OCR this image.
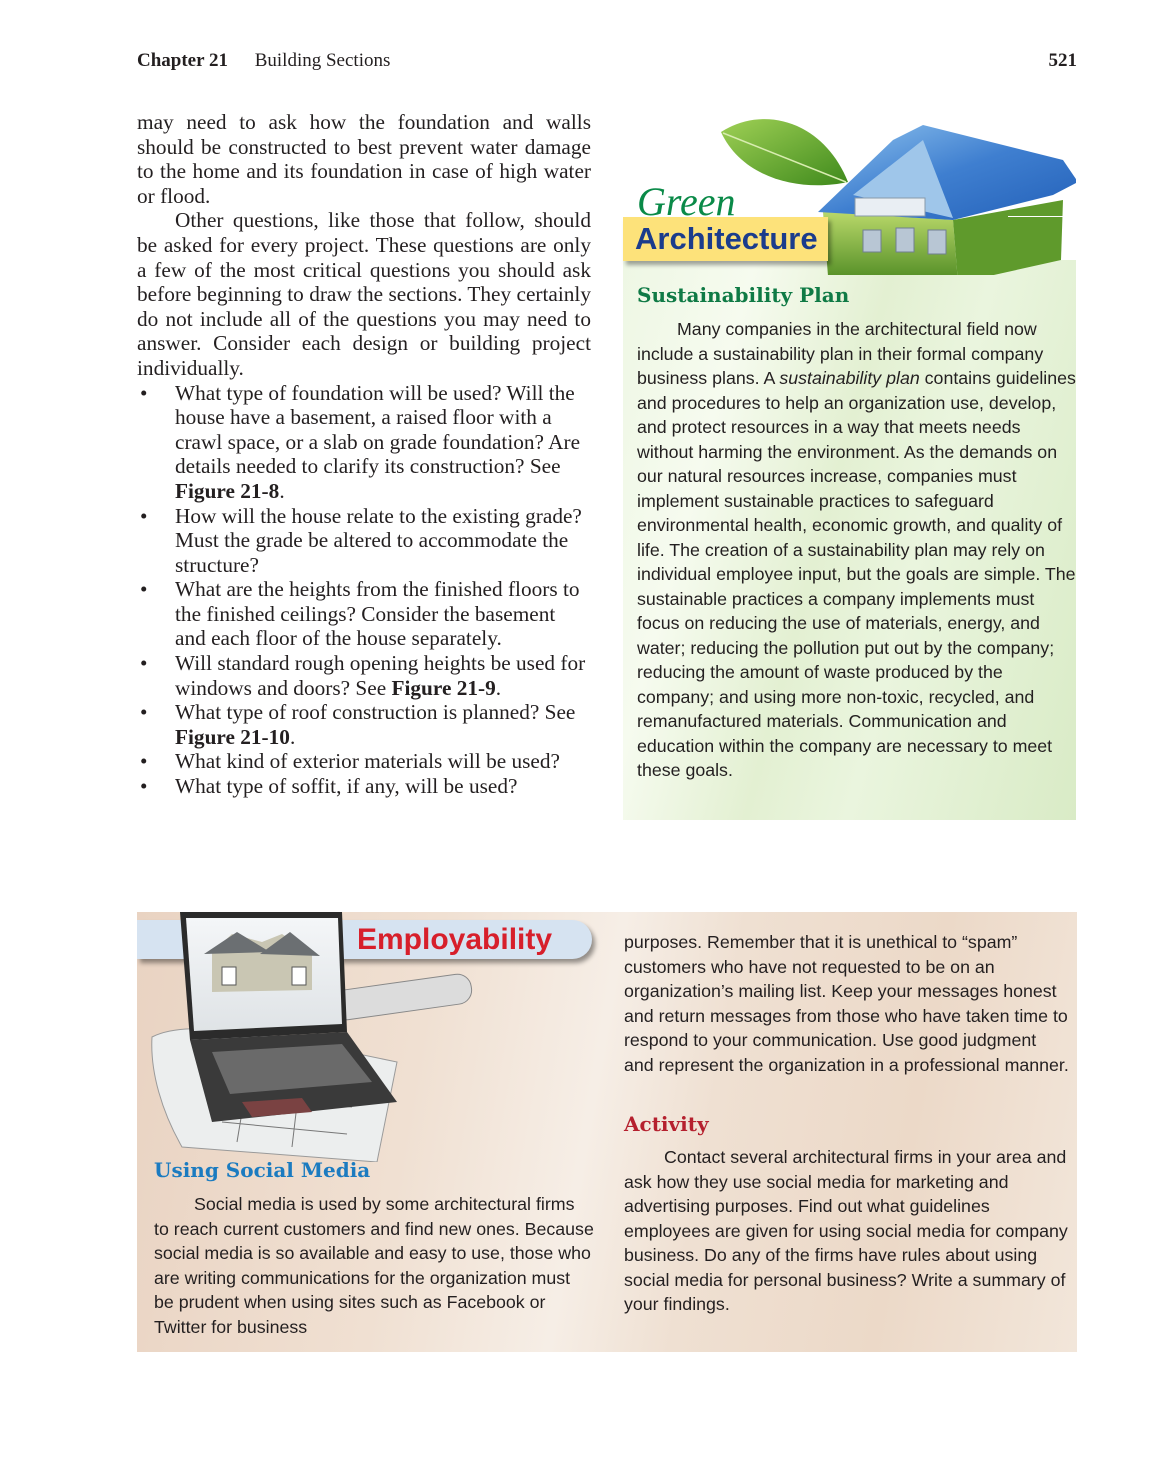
Chapter 21 Building Sections	521

may need to ask how the foundation and walls should be constructed to best prevent water damage to the home and its foundation in case of high water or flood.

Other questions, like those that follow, should be asked for every project. These questions are only a few of the most critical questions you should ask before beginning to draw the sections. They certainly do not include all of the questions you may need to answer. Consider each design or building project individually.

• What type of foundation will be used? Will the house have a basement, a raised floor with a crawl space, or a slab on grade foundation? Are details needed to clarify its construction? See Figure 21-8.
• How will the house relate to the existing grade? Must the grade be altered to accommodate the structure?
• What are the heights from the finished floors to the finished ceilings? Consider the basement and each floor of the house separately.
• Will standard rough opening heights be used for windows and doors? See Figure 21-9.
• What type of roof construction is planned? See Figure 21-10.
• What kind of exterior materials will be used?
• What type of soffit, if any, will be used?
Green
Architecture
Sustainability Plan

Many companies in the architectural field now include a sustainability plan in their formal company business plans. A sustainability plan contains guidelines and procedures to help an organization use, develop, and protect resources in a way that meets needs without harming the environment. As the demands on our natural resources increase, companies must implement sustainable practices to safeguard environmental health, economic growth, and quality of life. The creation of a sustainability plan may rely on individual employee input, but the goals are simple. The sustainable practices a company implements must focus on reducing the use of materials, energy, and water; reducing the pollution put out by the company; reducing the amount of waste produced by the company; and using more non-toxic, recycled, and remanufactured materials. Communication and education within the company are necessary to meet these goals.

Employability
Using Social Media

Social media is used by some architectural firms to reach current customers and find new ones. Because social media is so available and easy to use, those who are writing communications for the organization must be prudent when using sites such as Facebook or Twitter for business

purposes. Remember that it is unethical to “spam” customers who have not requested to be on an organization’s mailing list. Keep your messages honest and return messages from those who have taken time to respond to your communication. Use good judgment and represent the organization in a professional manner.

Activity

Contact several architectural firms in your area and ask how they use social media for marketing and advertising purposes. Find out what guidelines employees are given for using social media for company business. Do any of the firms have rules about using social media for personal business? Write a summary of your findings.
